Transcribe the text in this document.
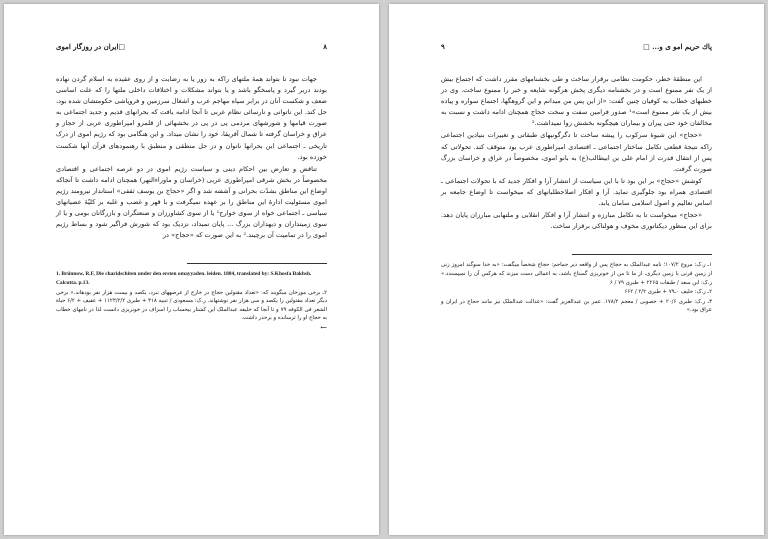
۸
□ایران در روزگار اموی

جهات نبود تا بتواند همهٔ ملتهای راکه به زور یا به رضایت و از روی عقیده به اسلام گردن نهاده بودند دربر گیرد و پاسخگو باشد و یا بتواند مشکلات و اختلافات داخلی ملتها را که علت اساسی ضعف و شکست آنان در برابر سپاه مهاجم عرب و اشغال سرزمین و فروپاشی حکومتشان شده بود، حل کند. این ناتوانی و نارسائی نظام عربی تا آنجا ادامه یافت که بحرانهای قدیم و جدید اجتماعی به صورت قیامها و شورشهای مردمی پی در پی در بخشهائی از قلمرو امپراطوری عربی از حجاز و عراق و خراسان گرفته تا شمال آفریقا، خود را نشان میداد. و این هنگامی بود که رژیم اموی از درک تاریخی ـ اجتماعی این بحرانها ناتوان و در حل منطقی و منطبق با رهنمودهای قرآن آنها شکست خورده بود.

تناقض و تعارض بین احکام دینی و سیاست رژیم اموی در دو عرصه اجتماعی و اقتصادی مخصوصاً در بخش شرقی امپراطوری عربی (خراسان و ماوراءالنهر) همچنان ادامه داشت تا آنجاکه اوضاع این مناطق بشدّت بحرانی و آشفته شد و اگر «حجاج بن یوسف ثقفی» استاندار نیرومند رژیم اموی مسئولیت ادارهٔ این مناطق را بر عهده نمیگرفت و با قهر و غضب و غلبه بر کلیّهٔ عصیانهای سیاسی ـ اجتماعی خواه از سوی خوارج¹ یا از سوی کشاورزان و صنعتگران و بازرگانان بومی و یا از سوی زمینداران و دیهداران بزرگ ... پایان نمیداد، نزدیک بود که شورش فراگیر شود و بساط رژیم اموی را در تمامیت آن برچیند.² به این صورت که «حجاج» در

1. Brünnow, R.F, Die charidschiten under den ersten omayyaden. leiden. 1884, translated by: S.Khosfa Bakhsh. Calcutta. p.13.

۲ـ برخی مورخان میگویند که: «تعداد مقتولین حجاج در خارج از عرصههای نبرد، یکصد و بیست هزار نفر بودهاند.» برخی دیگر تعداد مقتولین را یکصد و سی هزار نفر نوشتهاند. ر.ک: مسعودی / تنبیه ۳۱۸ + طبری ۱۱۲۳/۲/۲ + عقیف + ۶/۲ حیاة الشعر فی الکوفه ۷۹ و تا آنجا که خلیفه عبدالملک این کشتار بیحساب را اسراف در خونریزی دانست لذا در نامهای خطاب به حجاج او را ترسانده و برحذر داشت.

←

پاك حریم امو ی و... □
۹

این منطقهٔ خطر، حکومت نظامی برقرار ساخت و طی بخشنامهای مقرر داشت که اجتماع بیش از یک نفر ممنوع است و در بخشنامه دیگری پخش هرگونه شایعه و خبر را ممنوع ساخت. وی در خطبهای خطاب به کوفیان چنین گفت: «از این پس من میدانم و این گروهگها، اجتماع سواره و پیاده بیش از یک نفر ممنوع است»¹ صدور فرامین سفت و سخت حجاج همچنان ادامه داشت و نسبت به مخالفان خود حتی پیران و بیماران هیچگونه بخشش روا نمیداشت.²

«حجاج» این شیوهٔ سرکوب را پیشه ساخت تا دگرگونیهای طبقاتی و تغییرات بنیادین اجتماعی راکه نتیجهٔ قطعی تکامل ساختار اجتماعی ـ اقتصادی امپراطوری عرب بود متوقف کند. تحولاتی که پس از انتقال قدرت از امام علی بن ابیطالب(ع) به بانو اموی، مخصوصاً در عراق و خراسان بزرگ صورت گرفت.

کوشش «حجاج» بر این بود تا با این سیاست از انتشار آرا و افکار جدید که با تحولات اجتماعی ـ اقتصادی همراه بود جلوگیری نماید. آرا و افکار اصلاحطلبانهای که میخواست تا اوضاع جامعه بر اساس تعالیم و اصول اسلامی سامان یابد.

«حجاج» میخواست تا به تکامل مبارزه و انتشار آرا و افکار انقلابی و ملتهابی مبارزان پایان دهد. برای این منظور دیکتاتوری مخوف و هولناکی برقرار ساخت.

۱ـ ر.ک: مروج ۱۰۷/۲؛ نامه عبدالملک به حجاج پس از واقعه دیر جماجم: حجاج شخصاً میگفت: «به خدا سوگند امروز زنی از زمین قرنی با زمین دیگری، از ما تا من از خونریزی گستاخ باشد، به اعمالی دست میزند که هرکس آن را نمیپسندد.» ر.ک: ابن سعد / طبقات ۲۲۶۵ + طبری ۷۹ / ۶

۲ـ ر.ک: حلیف ۰ـ۷۹ + طبری ۲/۲ / ۶۶۲

۳ـ ر.ک: طبری ۲۰/۶ + خصوبی / معجم ۱۷۸/۲. عمر بن عبدالعزیز گفت: «عدالت عبدالملک نیز مانند حجاج در ایران و عراق بود.»
